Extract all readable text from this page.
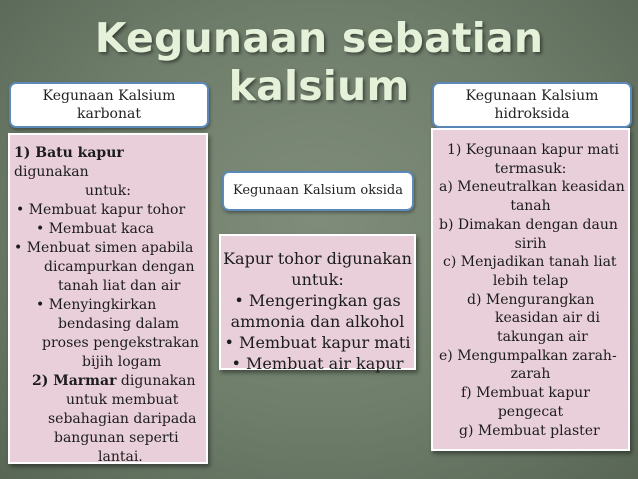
Kegunaan sebatian kalsium
Kegunaan Kalsium
karbonat
Kegunaan Kalsium oksida
Kegunaan Kalsium
hidroksida
1) Batu kapur digunakan
untuk:
• Membuat kapur tohor
• Membuat kaca
• Menbuat simen apabila
dicampurkan dengan
tanah liat dan air
• Menyingkirkan
bendasing dalam
proses pengekstrakan
bijih logam
2) Marmar digunakan
untuk membuat
sebahagian daripada
bangunan seperti
lantai.
Kapur tohor digunakan
untuk:
• Mengeringkan gas
ammonia dan alkohol
• Membuat kapur mati
• Membuat air kapur
1) Kegunaan kapur mati
termasuk:
a) Meneutralkan keasidan
tanah
b) Dimakan dengan daun
sirih
c) Menjadikan tanah liat
lebih telap
d) Mengurangkan
keasidan air di
takungan air
e) Mengumpalkan zarah-
zarah
f) Membuat kapur
pengecat
g) Membuat plaster
